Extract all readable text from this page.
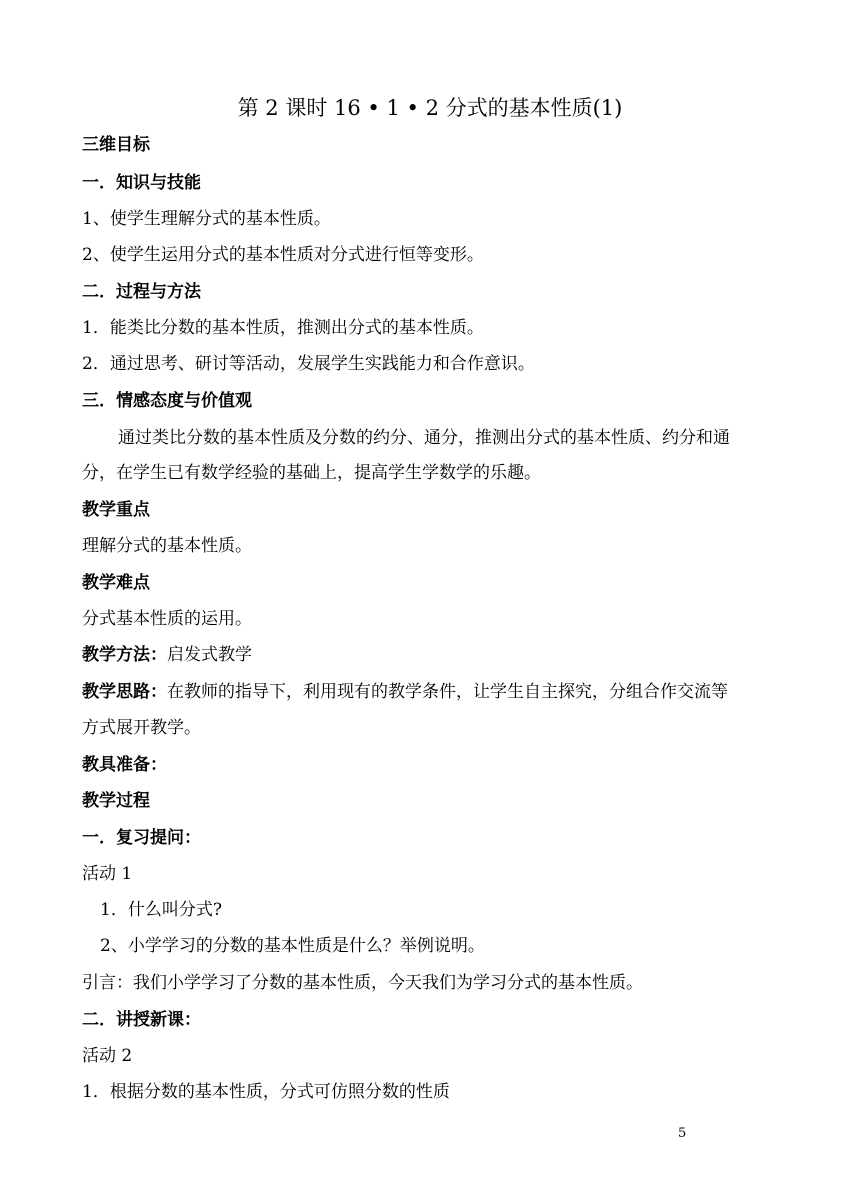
第 2 课时 16 • 1 • 2 分式的基本性质(1)
三维目标
一．知识与技能
1、使学生理解分式的基本性质。
2、使学生运用分式的基本性质对分式进行恒等变形。
二．过程与方法
1．能类比分数的基本性质，推测出分式的基本性质。
2．通过思考、研讨等活动，发展学生实践能力和合作意识。
三．情感态度与价值观
通过类比分数的基本性质及分数的约分、通分，推测出分式的基本性质、约分和通
分，在学生已有数学经验的基础上，提高学生学数学的乐趣。
教学重点
理解分式的基本性质。
教学难点
分式基本性质的运用。
教学方法：启发式教学
教学思路：在教师的指导下，利用现有的教学条件，让学生自主探究，分组合作交流等
方式展开教学。
教具准备：
教学过程
一．复习提问：
活动 1
1．什么叫分式?
2、小学学习的分数的基本性质是什么？举例说明。
引言：我们小学学习了分数的基本性质，今天我们为学习分式的基本性质。
二．讲授新课：
活动 2
1．根据分数的基本性质，分式可仿照分数的性质
5
